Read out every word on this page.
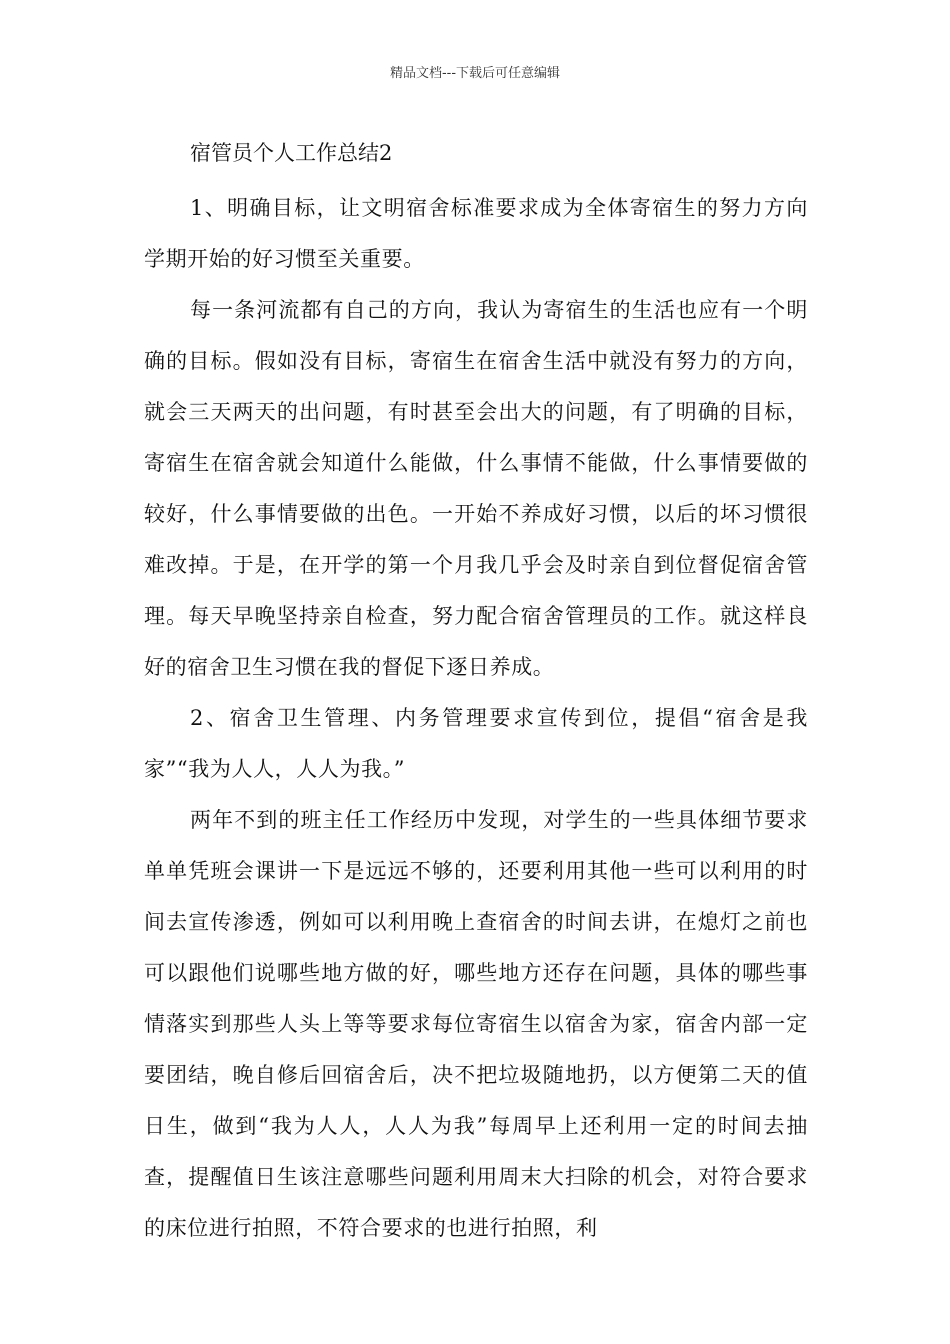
精品文档---下载后可任意编辑
宿管员个人工作总结2

1、明确目标，让文明宿舍标准要求成为全体寄宿生的努力方向学期开始的好习惯至关重要。

每一条河流都有自己的方向，我认为寄宿生的生活也应有一个明确的目标。假如没有目标，寄宿生在宿舍生活中就没有努力的方向，就会三天两天的出问题，有时甚至会出大的问题，有了明确的目标，寄宿生在宿舍就会知道什么能做，什么事情不能做，什么事情要做的较好，什么事情要做的出色。一开始不养成好习惯，以后的坏习惯很难改掉。于是，在开学的第一个月我几乎会及时亲自到位督促宿舍管理。每天早晚坚持亲自检查，努力配合宿舍管理员的工作。就这样良好的宿舍卫生习惯在我的督促下逐日养成。

2、宿舍卫生管理、内务管理要求宣传到位，提倡“宿舍是我家”“我为人人，人人为我。”

两年不到的班主任工作经历中发现，对学生的一些具体细节要求单单凭班会课讲一下是远远不够的，还要利用其他一些可以利用的时间去宣传渗透，例如可以利用晚上查宿舍的时间去讲，在熄灯之前也可以跟他们说哪些地方做的好，哪些地方还存在问题，具体的哪些事情落实到那些人头上等等要求每位寄宿生以宿舍为家，宿舍内部一定要团结，晚自修后回宿舍后，决不把垃圾随地扔，以方便第二天的值日生，做到“我为人人，人人为我”每周早上还利用一定的时间去抽查，提醒值日生该注意哪些问题利用周末大扫除的机会，对符合要求的床位进行拍照，不符合要求的也进行拍照，利
